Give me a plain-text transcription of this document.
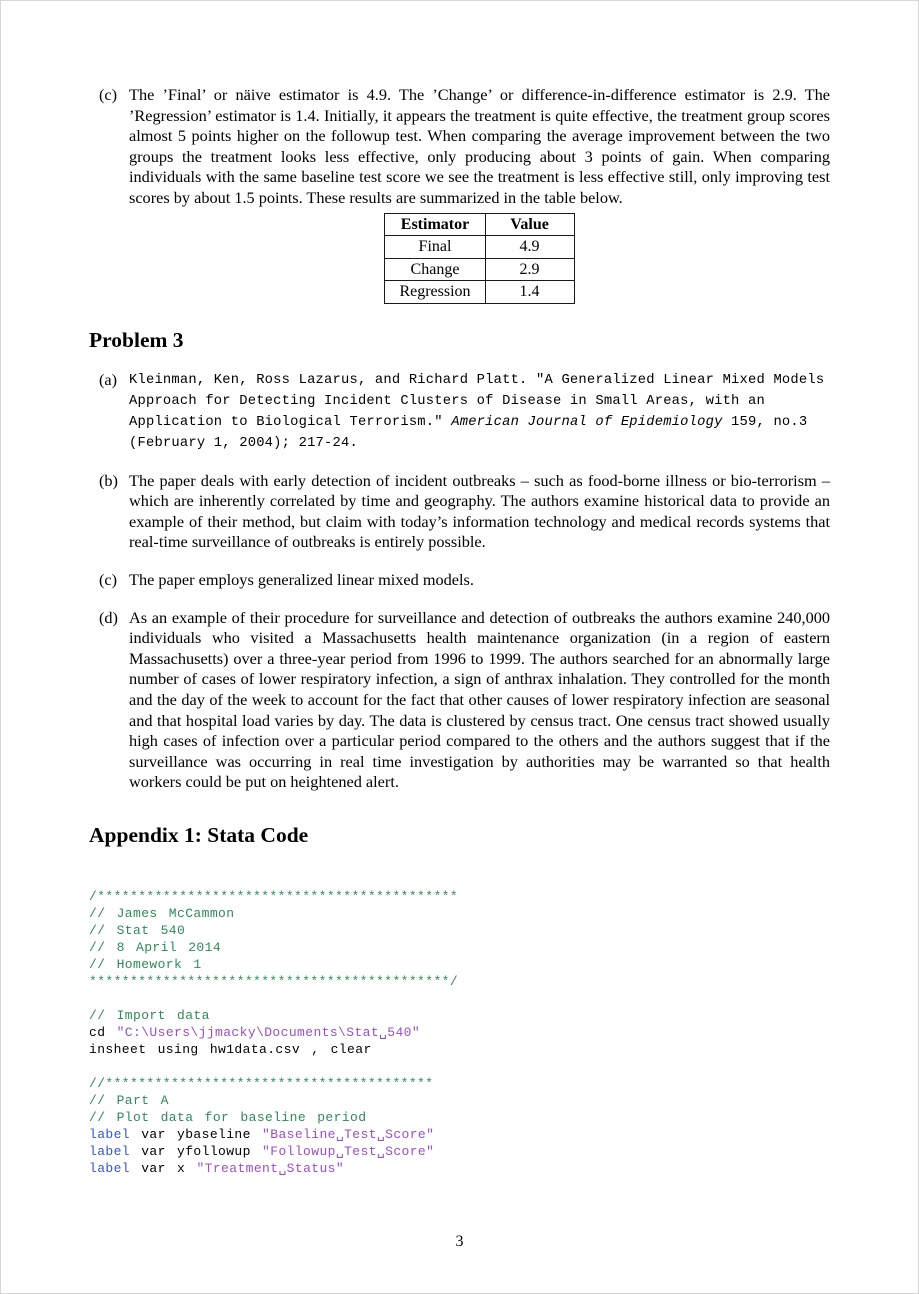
(c) The ’Final’ or näive estimator is 4.9. The ’Change’ or difference-in-difference estimator is 2.9. The ’Regression’ estimator is 1.4. Initially, it appears the treatment is quite effective, the treatment group scores almost 5 points higher on the followup test. When comparing the average improvement between the two groups the treatment looks less effective, only producing about 3 points of gain. When comparing individuals with the same baseline test score we see the treatment is less effective still, only improving test scores by about 1.5 points. These results are summarized in the table below.
Estimator	Value
Final	4.9
Change	2.9
Regression	1.4
Problem 3
(a) Kleinman, Ken, Ross Lazarus, and Richard Platt. "A Generalized Linear Mixed Models Approach for Detecting Incident Clusters of Disease in Small Areas, with an Application to Biological Terrorism." American Journal of Epidemiology 159, no.3 (February 1, 2004); 217-24.
(b) The paper deals with early detection of incident outbreaks – such as food-borne illness or bio-terrorism – which are inherently correlated by time and geography. The authors examine historical data to provide an example of their method, but claim with today’s information technology and medical records systems that real-time surveillance of outbreaks is entirely possible.
(c) The paper employs generalized linear mixed models.
(d) As an example of their procedure for surveillance and detection of outbreaks the authors examine 240,000 individuals who visited a Massachusetts health maintenance organization (in a region of eastern Massachusetts) over a three-year period from 1996 to 1999. The authors searched for an abnormally large number of cases of lower respiratory infection, a sign of anthrax inhalation. They controlled for the month and the day of the week to account for the fact that other causes of lower respiratory infection are seasonal and that hospital load varies by day. The data is clustered by census tract. One census tract showed usually high cases of infection over a particular period compared to the others and the authors suggest that if the surveillance was occurring in real time investigation by authorities may be warranted so that health workers could be put on heightened alert.
Appendix 1: Stata Code
/********************************************
// James McCammon
// Stat 540
// 8 April 2014
// Homework 1
********************************************/

// Import data
cd "C:\Users\jjmacky\Documents\Stat␣540"
insheet using hw1data.csv , clear

//****************************************
// Part A
// Plot data for baseline period
label var ybaseline "Baseline␣Test␣Score"
label var yfollowup "Followup␣Test␣Score"
label var x "Treatment␣Status"
3
